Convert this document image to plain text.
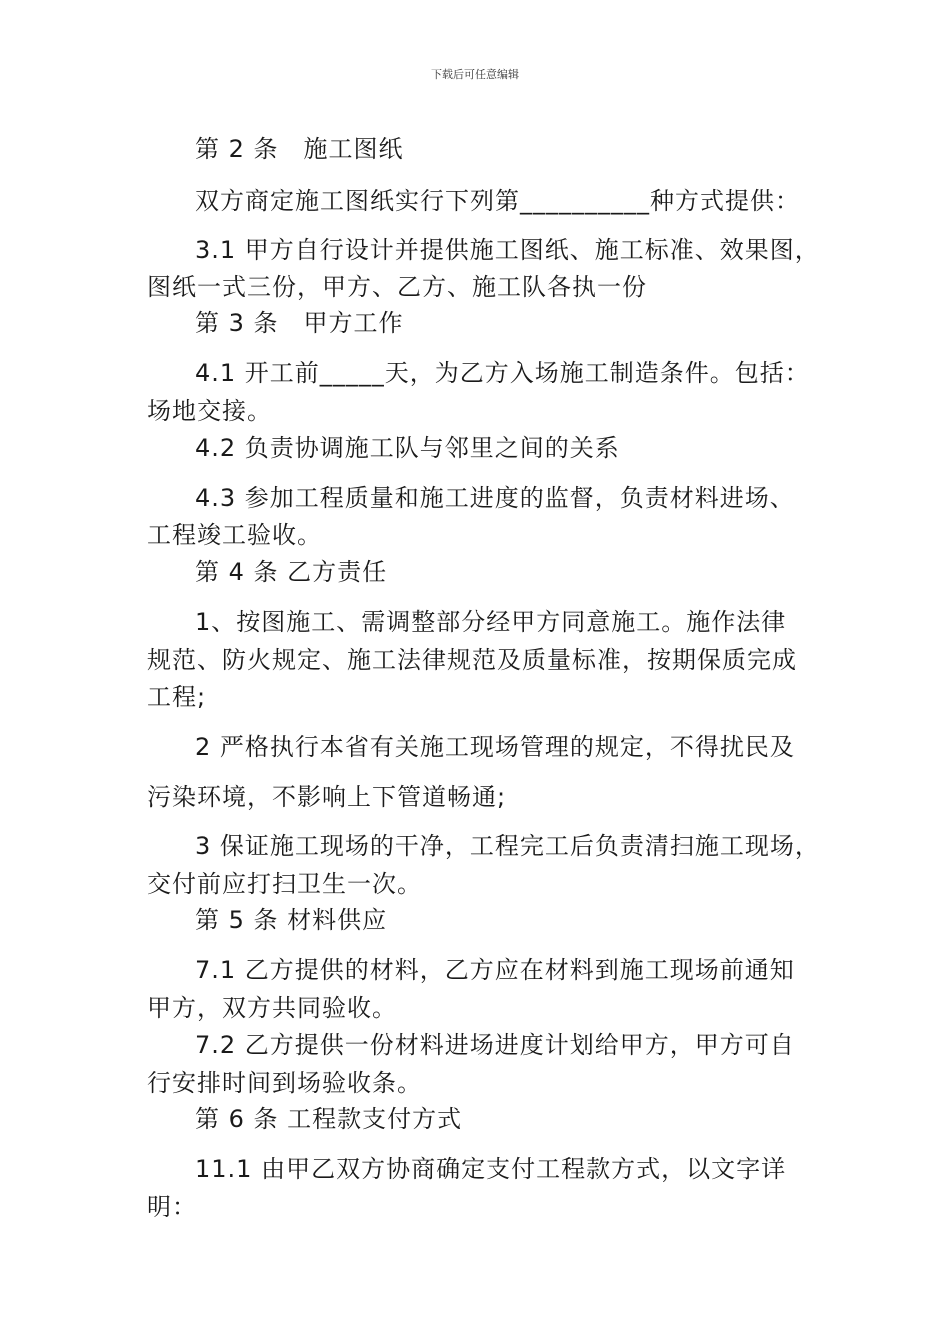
下载后可任意编辑
第 2 条　施工图纸
双方商定施工图纸实行下列第__________种方式提供：
3.1 甲方自行设计并提供施工图纸、施工标准、效果图，
图纸一式三份，甲方、乙方、施工队各执一份
第 3 条　甲方工作
4.1 开工前_____天，为乙方入场施工制造条件。包括：
场地交接。
4.2 负责协调施工队与邻里之间的关系
4.3 参加工程质量和施工进度的监督，负责材料进场、
工程竣工验收。
第 4 条 乙方责任
1、按图施工、需调整部分经甲方同意施工。施作法律
规范、防火规定、施工法律规范及质量标准，按期保质完成
工程;
2 严格执行本省有关施工现场管理的规定，不得扰民及
污染环境，不影响上下管道畅通;
3 保证施工现场的干净，工程完工后负责清扫施工现场，
交付前应打扫卫生一次。
第 5 条 材料供应
7.1 乙方提供的材料，乙方应在材料到施工现场前通知
甲方，双方共同验收。
7.2 乙方提供一份材料进场进度计划给甲方，甲方可自
行安排时间到场验收条。
第 6 条 工程款支付方式
11.1 由甲乙双方协商确定支付工程款方式，以文字详
明：
